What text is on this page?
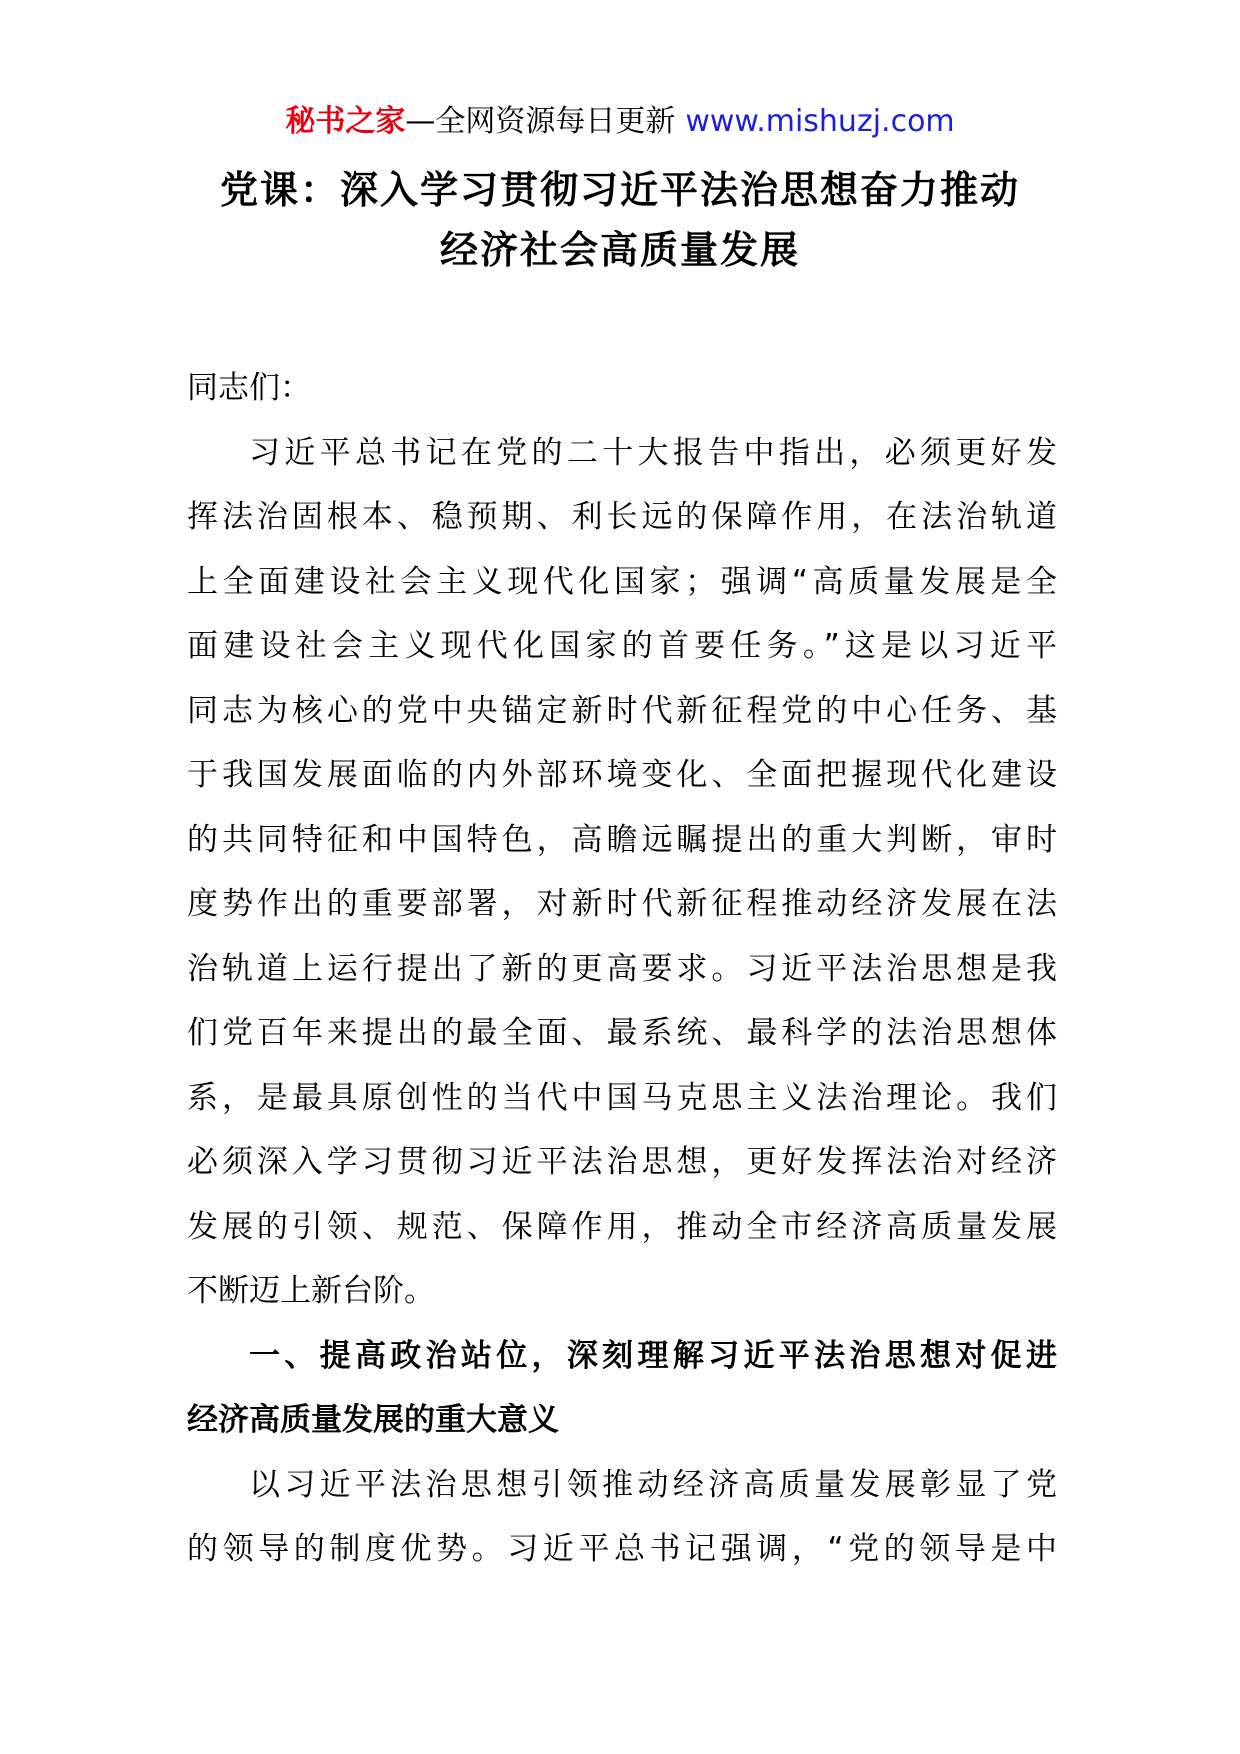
秘书之家—全网资源每日更新 www.mishuzj.com
党课：深入学习贯彻习近平法治思想奋力推动
经济社会高质量发展
同志们：
习近平总书记在党的二十大报告中指出，必须更好发
挥法治固根本、稳预期、利长远的保障作用，在法治轨道
上全面建设社会主义现代化国家；强调“高质量发展是全
面建设社会主义现代化国家的首要任务。”这是以习近平
同志为核心的党中央锚定新时代新征程党的中心任务、基
于我国发展面临的内外部环境变化、全面把握现代化建设
的共同特征和中国特色，高瞻远瞩提出的重大判断，审时
度势作出的重要部署，对新时代新征程推动经济发展在法
治轨道上运行提出了新的更高要求。习近平法治思想是我
们党百年来提出的最全面、最系统、最科学的法治思想体
系，是最具原创性的当代中国马克思主义法治理论。我们
必须深入学习贯彻习近平法治思想，更好发挥法治对经济
发展的引领、规范、保障作用，推动全市经济高质量发展
不断迈上新台阶。
一、提高政治站位，深刻理解习近平法治思想对促进
经济高质量发展的重大意义
以习近平法治思想引领推动经济高质量发展彰显了党
的领导的制度优势。习近平总书记强调，“党的领导是中
